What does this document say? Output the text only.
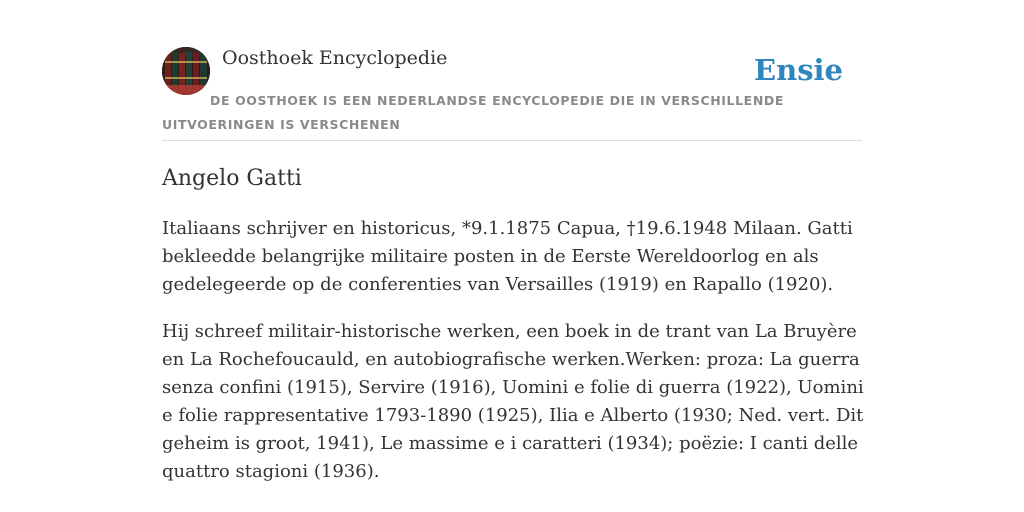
Oosthoek Encyclopedie	Ensie
DE OOSTHOEK IS EEN NEDERLANDSE ENCYCLOPEDIE DIE IN VERSCHILLENDE UITVOERINGEN IS VERSCHENEN
Angelo Gatti

Italiaans schrijver en historicus, *9.1.1875 Capua, †19.6.1948 Milaan. Gatti bekleedde belangrijke militaire posten in de Eerste Wereldoorlog en als gedelegeerde op de conferenties van Versailles (1919) en Rapallo (1920).

Hij schreef militair-historische werken, een boek in de trant van La Bruyère en La Rochefoucauld, en autobiografische werken.Werken: proza: La guerra senza confini (1915), Servire (1916), Uomini e folie di guerra (1922), Uomini e folie rappresentative 1793-1890 (1925), Ilia e Alberto (1930; Ned. vert. Dit geheim is groot, 1941), Le massime e i caratteri (1934); poëzie: I canti delle quattro stagioni (1936).
